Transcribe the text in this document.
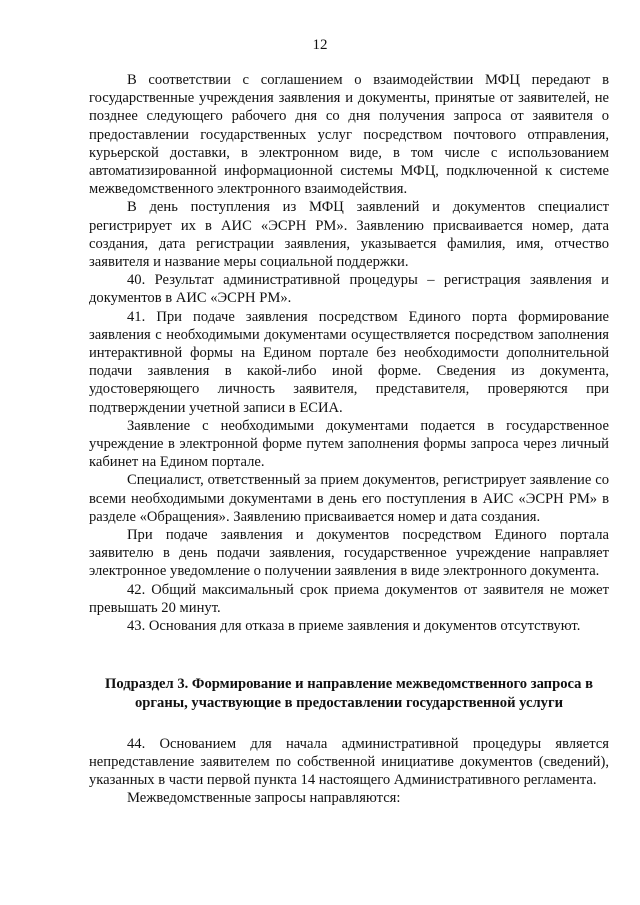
12

В соответствии с соглашением о взаимодействии МФЦ передают в государственные учреждения заявления и документы, принятые от заявителей, не позднее следующего рабочего дня со дня получения запроса от заявителя о предоставлении государственных услуг посредством почтового отправления, курьерской доставки, в электронном виде, в том числе с использованием автоматизированной информационной системы МФЦ, подключенной к системе межведомственного электронного взаимодействия.

В день поступления из МФЦ заявлений и документов специалист регистрирует их в АИС «ЭСРН РМ». Заявлению присваивается номер, дата создания, дата регистрации заявления, указывается фамилия, имя, отчество заявителя и название меры социальной поддержки.

40. Результат административной процедуры – регистрация заявления и документов в АИС «ЭСРН РМ».

41. При подаче заявления посредством Единого порта формирование заявления с необходимыми документами осуществляется посредством заполнения интерактивной формы на Едином портале без необходимости дополнительной подачи заявления в какой-либо иной форме. Сведения из документа, удостоверяющего личность заявителя, представителя, проверяются при подтверждении учетной записи в ЕСИА.

Заявление с необходимыми документами подается в государственное учреждение в электронной форме путем заполнения формы запроса через личный кабинет на Едином портале.

Специалист, ответственный за прием документов, регистрирует заявление со всеми необходимыми документами в день его поступления в АИС «ЭСРН РМ» в разделе «Обращения». Заявлению присваивается номер и дата создания.

При подаче заявления и документов посредством Единого портала заявителю в день подачи заявления, государственное учреждение направляет электронное уведомление о получении заявления в виде электронного документа.

42. Общий максимальный срок приема документов от заявителя не может превышать 20 минут.

43. Основания для отказа в приеме заявления и документов отсутствуют.

Подраздел 3. Формирование и направление межведомственного запроса в
органы, участвующие в предоставлении государственной услуги

44. Основанием для начала административной процедуры является непредставление заявителем по собственной инициативе документов (сведений), указанных в части первой пункта 14 настоящего Административного регламента.

Межведомственные запросы направляются:
